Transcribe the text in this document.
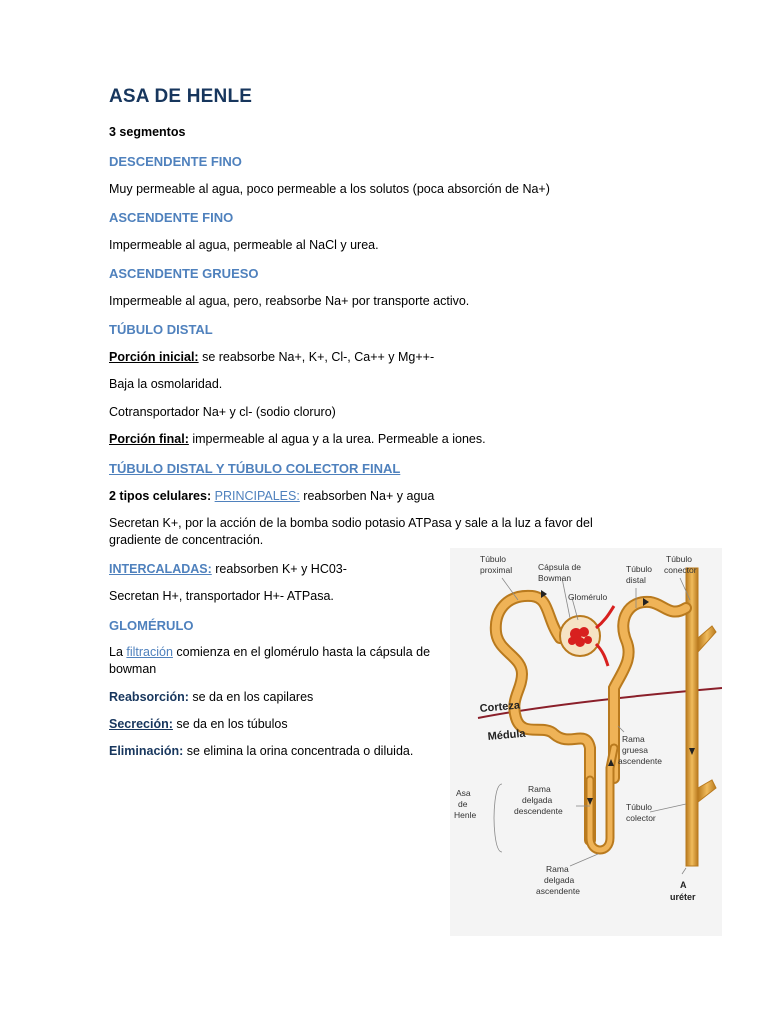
ASA DE HENLE
3 segmentos
DESCENDENTE FINO
Muy permeable al agua, poco permeable a los solutos (poca absorción de Na+)
ASCENDENTE FINO
Impermeable al agua, permeable al NaCl y urea.
ASCENDENTE GRUESO
Impermeable al agua, pero, reabsorbe Na+ por transporte activo.
TÚBULO DISTAL
Porción inicial: se reabsorbe Na+, K+, Cl-, Ca++ y Mg++-
Baja la osmolaridad.
Cotransportador Na+ y cl- (sodio cloruro)
Porción final: impermeable al agua y a la urea. Permeable a iones.
TÚBULO DISTAL Y TÚBULO COLECTOR FINAL
2 tipos celulares: PRINCIPALES: reabsorben Na+ y agua
Secretan K+, por la acción de la bomba sodio potasio ATPasa y sale a la luz a favor del gradiente de concentración.
INTERCALADAS: reabsorben K+ y HC03-
Secretan H+, transportador H+- ATPasa.
GLOMÉRULO
La filtración comienza en el glomérulo hasta la cápsula de bowman
Reabsorción: se da en los capilares
Secreción: se da en los túbulos
Eliminación: se elimina la orina concentrada o diluida.
Túbulo
proximal	Cápsula de
Bowman
Glomérulo
Túbulo
distal
Túbulo
conector
Corteza
Médula	Rama
gruesa
ascendente
Asa
de
Henle
Rama
delgada
descendente	Túbulo
colector
Rama
delgada
ascendente
A
uréter
